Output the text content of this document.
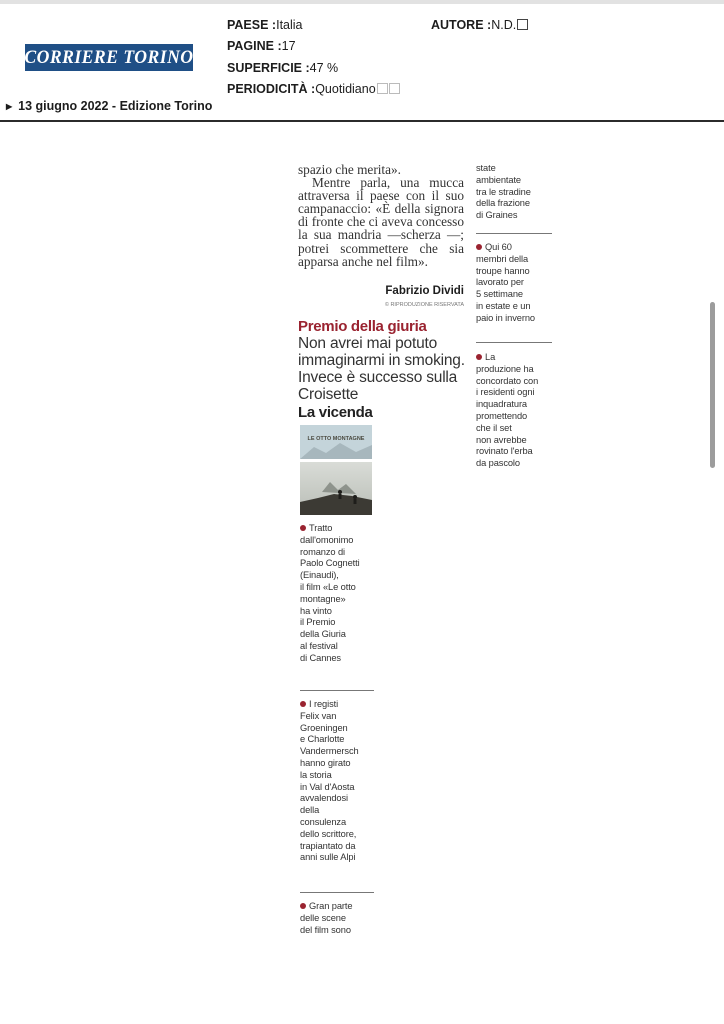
CORRIERE TORINO
PAESE :Italia
PAGINE :17
SUPERFICIE :47 %
PERIODICITÀ :Quotidiano
AUTORE :N.D.
▶ 13 giugno 2022 - Edizione Torino

spazio che merita».

Mentre parla, una mucca attraversa il paese con il suo campanaccio: «È della signora di fronte che ci aveva concesso la sua mandria —scherza —; potrei scommettere che sia apparsa anche nel film».

Fabrizio Dividi
© RIPRODUZIONE RISERVATA
Premio della giuria
Non avrei mai potuto immaginarmi in smoking. Invece è successo sulla Croisette
La vicenda
LE OTTO MONTAGNE
Tratto
dall'omonimo
romanzo di
Paolo Cognetti
(Einaudi),
il film «Le otto
montagne»
ha vinto
il Premio
della Giuria
al festival
di Cannes
I registi
Felix van
Groeningen
e Charlotte
Vandermersch
hanno girato
la storia
in Val d'Aosta
avvalendosi
della
consulenza
dello scrittore,
trapiantato da
anni sulle Alpi
Gran parte
delle scene
del film sono
state
ambientate
tra le stradine
della frazione
di Graines
Qui 60
membri della
troupe hanno
lavorato per
5 settimane
in estate e un
paio in inverno
La
produzione ha
concordato con
i residenti ogni
inquadratura
promettendo
che il set
non avrebbe
rovinato l'erba
da pascolo
